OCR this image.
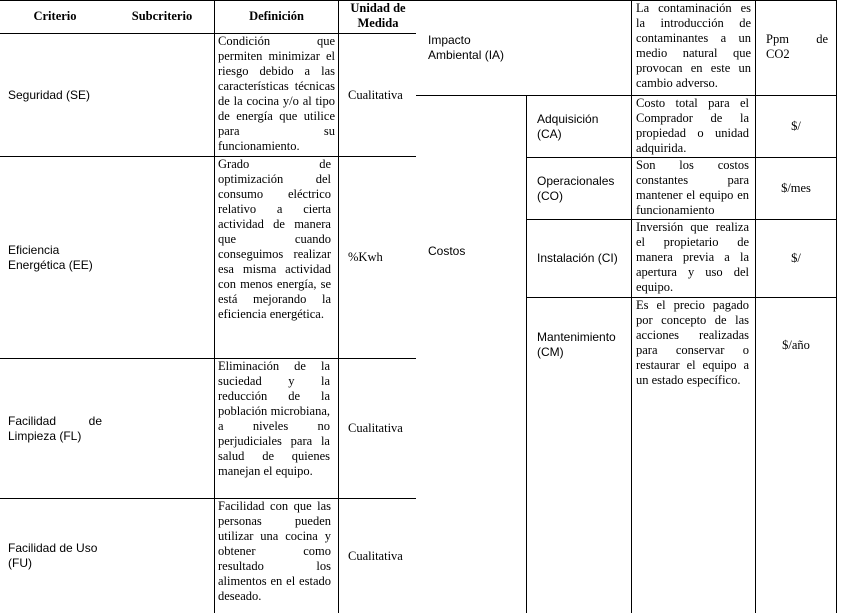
Criterio	Subcriterio	Definición
Unidad de Medida
Seguridad (SE)
Condición que permiten minimizar el riesgo debido a las características técnicas de la cocina y/o al tipo de energía que utilice para su funcionamiento.
Cualitativa
Eficiencia Energética (EE)
Grado de optimización del consumo eléctrico relativo a cierta actividad de manera que cuando conseguimos realizar esa misma actividad con menos energía, se está mejorando la eficiencia energética.
%Kwh
Facilidad de Limpieza (FL)
Eliminación de la suciedad y la reducción de la población microbiana, a niveles no perjudiciales para la salud de quienes manejan el equipo.
Cualitativa
Facilidad de Uso (FU)
Facilidad con que las personas pueden utilizar una cocina y obtener como resultado los alimentos en el estado deseado.
Cualitativa
Impacto Ambiental (IA)
La contaminación es la introducción de contaminantes a un medio natural que provocan en este un cambio adverso.
Ppm de CO2
Costos
Adquisición (CA)
Costo total para el Comprador de la propiedad o unidad adquirida.
$/
Operacionales (CO)
Son los costos constantes para mantener el equipo en funcionamiento
$/mes
Instalación (CI)
Inversión que realiza el propietario de manera previa a la apertura y uso del equipo.
$/
Mantenimiento (CM)
Es el precio pagado por concepto de las acciones realizadas para conservar o restaurar el equipo a un estado específico.
$/año
